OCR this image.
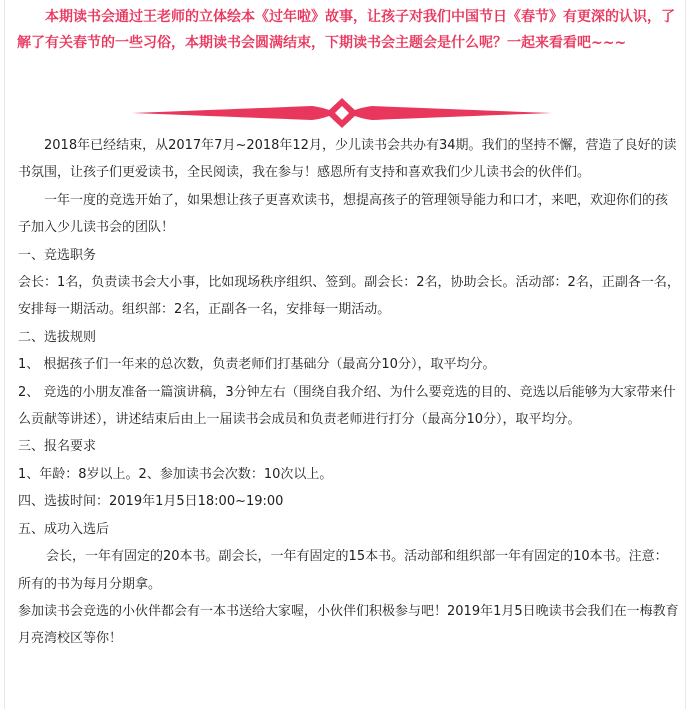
本期读书会通过王老师的立体绘本《过年啦》故事，让孩子对我们中国节日《春节》有更深的认识，了解了有关春节的一些习俗，本期读书会圆满结束，下期读书会主题会是什么呢？一起来看看吧~~~

2018年已经结束，从2017年7月~2018年12月，少儿读书会共办有34期。我们的坚持不懈，营造了良好的读书氛围，让孩子们更爱读书，全民阅读，我在参与！感恩所有支持和喜欢我们少儿读书会的伙伴们。

一年一度的竞选开始了，如果想让孩子更喜欢读书，想提高孩子的管理领导能力和口才，来吧，欢迎你们的孩子加入少儿读书会的团队！

一、竞选职务

会长：1名，负责读书会大小事，比如现场秩序组织、签到。副会长：2名，协助会长。活动部：2名，正副各一名，安排每一期活动。组织部：2名，正副各一名，安排每一期活动。

二、选拔规则

1、 根据孩子们一年来的总次数，负责老师们打基础分（最高分10分），取平均分。

2、 竞选的小朋友准备一篇演讲稿，3分钟左右（围绕自我介绍、为什么要竞选的目的、竞选以后能够为大家带来什么贡献等讲述），讲述结束后由上一届读书会成员和负责老师进行打分（最高分10分），取平均分。

三、报名要求

1、年龄：8岁以上。2、参加读书会次数：10次以上。

四、选拔时间：2019年1月5日18:00~19:00

五、成功入选后

会长，一年有固定的20本书。副会长，一年有固定的15本书。活动部和组织部一年有固定的10本书。注意：所有的书为每月分期拿。

参加读书会竞选的小伙伴都会有一本书送给大家喔，小伙伴们积极参与吧！2019年1月5日晚读书会我们在一梅教育月亮湾校区等你！
